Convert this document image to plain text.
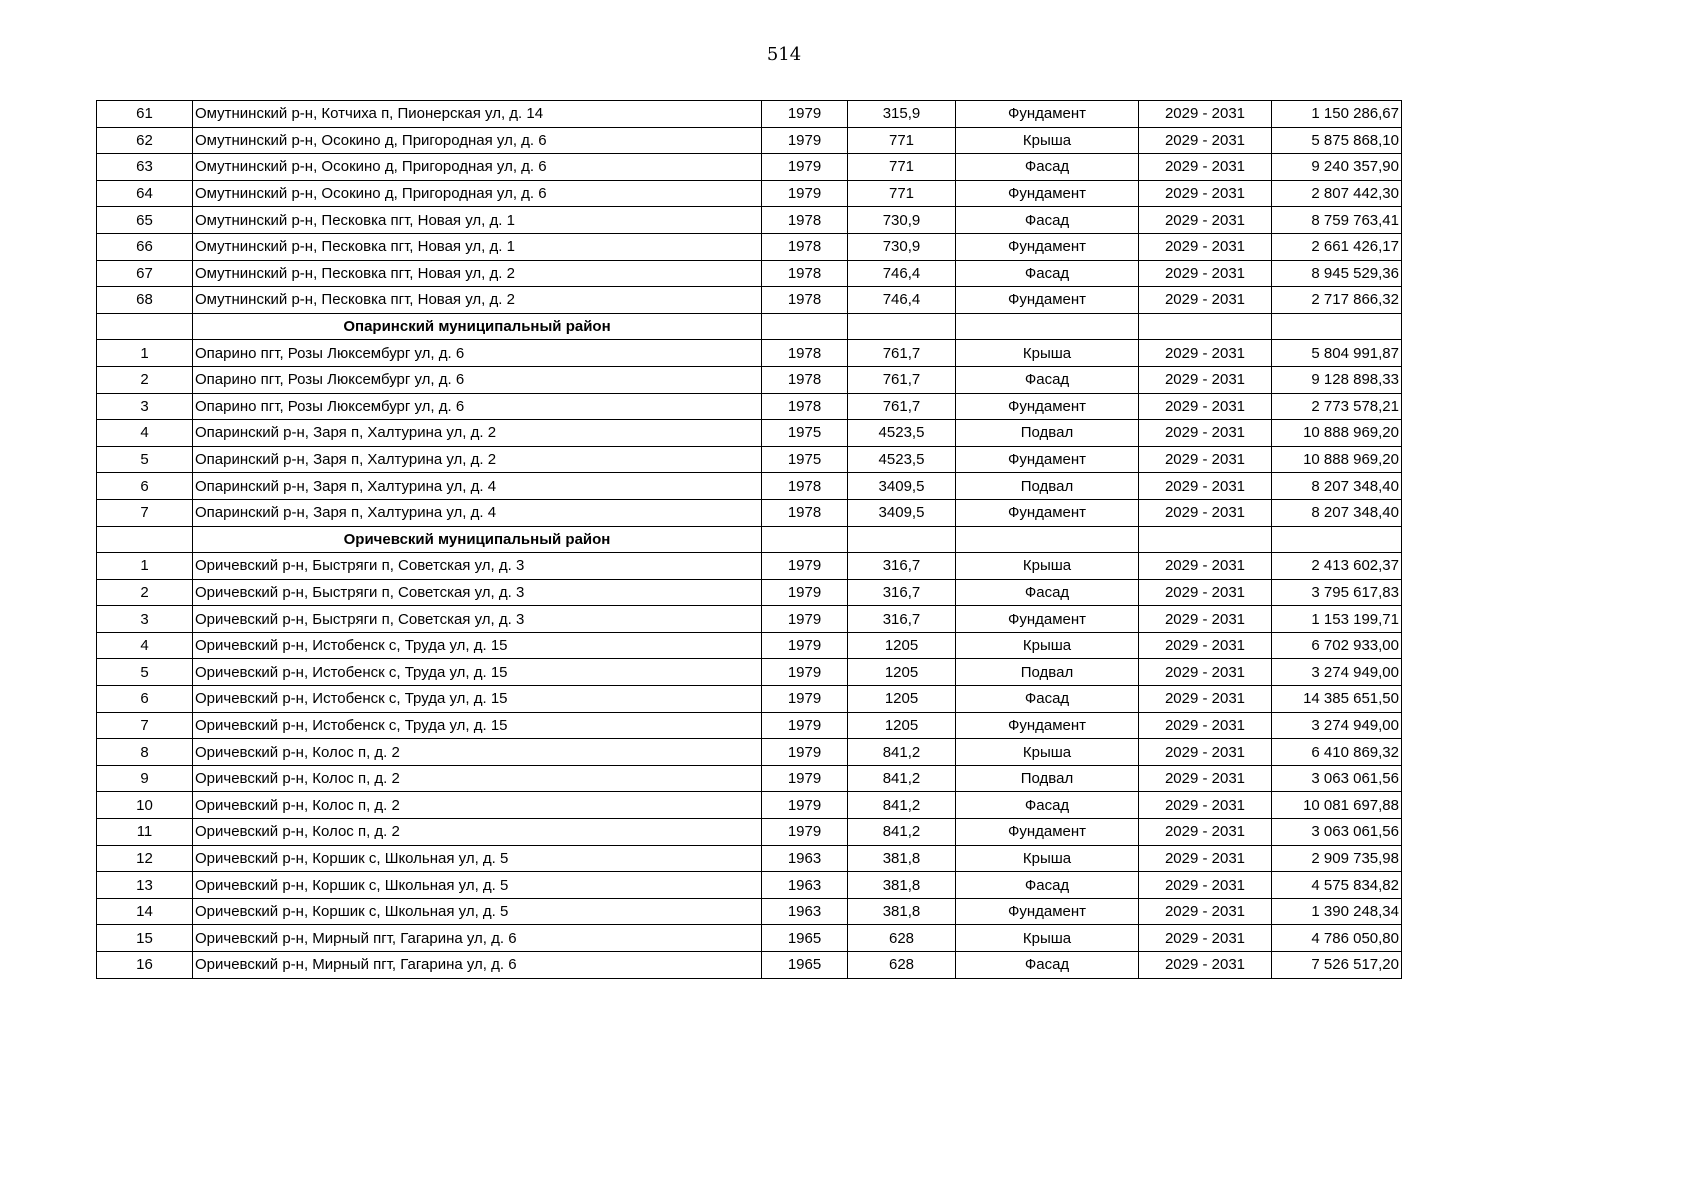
514
61	Омутнинский р-н, Котчиха п, Пионерская ул, д. 14	1979	315,9	Фундамент	2029 - 2031	1 150 286,67
62	Омутнинский р-н, Осокино д, Пригородная ул, д. 6	1979	771	Крыша	2029 - 2031	5 875 868,10
63	Омутнинский р-н, Осокино д, Пригородная ул, д. 6	1979	771	Фасад	2029 - 2031	9 240 357,90
64	Омутнинский р-н, Осокино д, Пригородная ул, д. 6	1979	771	Фундамент	2029 - 2031	2 807 442,30
65	Омутнинский р-н, Песковка пгт, Новая ул, д. 1	1978	730,9	Фасад	2029 - 2031	8 759 763,41
66	Омутнинский р-н, Песковка пгт, Новая ул, д. 1	1978	730,9	Фундамент	2029 - 2031	2 661 426,17
67	Омутнинский р-н, Песковка пгт, Новая ул, д. 2	1978	746,4	Фасад	2029 - 2031	8 945 529,36
68	Омутнинский р-н, Песковка пгт, Новая ул, д. 2	1978	746,4	Фундамент	2029 - 2031	2 717 866,32
	Опаринский муниципальный район					
1	Опарино пгт, Розы Люксембург ул, д. 6	1978	761,7	Крыша	2029 - 2031	5 804 991,87
2	Опарино пгт, Розы Люксембург ул, д. 6	1978	761,7	Фасад	2029 - 2031	9 128 898,33
3	Опарино пгт, Розы Люксембург ул, д. 6	1978	761,7	Фундамент	2029 - 2031	2 773 578,21
4	Опаринский р-н, Заря п, Халтурина ул, д. 2	1975	4523,5	Подвал	2029 - 2031	10 888 969,20
5	Опаринский р-н, Заря п, Халтурина ул, д. 2	1975	4523,5	Фундамент	2029 - 2031	10 888 969,20
6	Опаринский р-н, Заря п, Халтурина ул, д. 4	1978	3409,5	Подвал	2029 - 2031	8 207 348,40
7	Опаринский р-н, Заря п, Халтурина ул, д. 4	1978	3409,5	Фундамент	2029 - 2031	8 207 348,40
	Оричевский муниципальный район					
1	Оричевский р-н, Быстряги п, Советская ул, д. 3	1979	316,7	Крыша	2029 - 2031	2 413 602,37
2	Оричевский р-н, Быстряги п, Советская ул, д. 3	1979	316,7	Фасад	2029 - 2031	3 795 617,83
3	Оричевский р-н, Быстряги п, Советская ул, д. 3	1979	316,7	Фундамент	2029 - 2031	1 153 199,71
4	Оричевский р-н, Истобенск с, Труда ул, д. 15	1979	1205	Крыша	2029 - 2031	6 702 933,00
5	Оричевский р-н, Истобенск с, Труда ул, д. 15	1979	1205	Подвал	2029 - 2031	3 274 949,00
6	Оричевский р-н, Истобенск с, Труда ул, д. 15	1979	1205	Фасад	2029 - 2031	14 385 651,50
7	Оричевский р-н, Истобенск с, Труда ул, д. 15	1979	1205	Фундамент	2029 - 2031	3 274 949,00
8	Оричевский р-н, Колос п, д. 2	1979	841,2	Крыша	2029 - 2031	6 410 869,32
9	Оричевский р-н, Колос п, д. 2	1979	841,2	Подвал	2029 - 2031	3 063 061,56
10	Оричевский р-н, Колос п, д. 2	1979	841,2	Фасад	2029 - 2031	10 081 697,88
11	Оричевский р-н, Колос п, д. 2	1979	841,2	Фундамент	2029 - 2031	3 063 061,56
12	Оричевский р-н, Коршик с, Школьная ул, д. 5	1963	381,8	Крыша	2029 - 2031	2 909 735,98
13	Оричевский р-н, Коршик с, Школьная ул, д. 5	1963	381,8	Фасад	2029 - 2031	4 575 834,82
14	Оричевский р-н, Коршик с, Школьная ул, д. 5	1963	381,8	Фундамент	2029 - 2031	1 390 248,34
15	Оричевский р-н, Мирный пгт, Гагарина ул, д. 6	1965	628	Крыша	2029 - 2031	4 786 050,80
16	Оричевский р-н, Мирный пгт, Гагарина ул, д. 6	1965	628	Фасад	2029 - 2031	7 526 517,20
